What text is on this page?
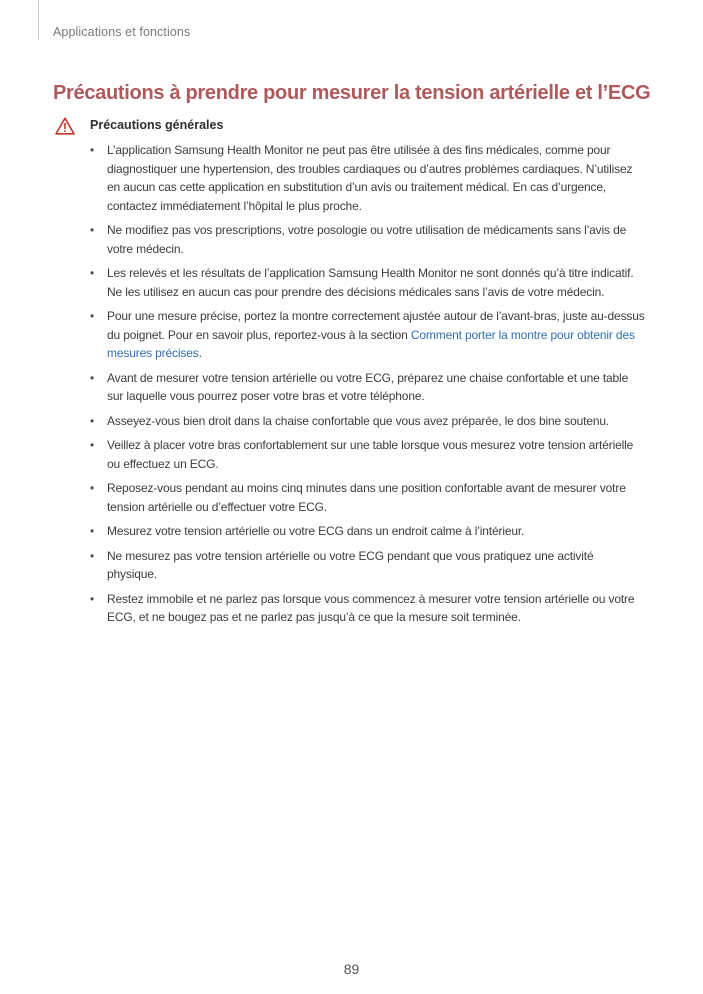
Applications et fonctions
Précautions à prendre pour mesurer la tension artérielle et l’ECG
Précautions générales
• L’application Samsung Health Monitor ne peut pas être utilisée à des fins médicales, comme pour diagnostiquer une hypertension, des troubles cardiaques ou d’autres problèmes cardiaques. N’utilisez en aucun cas cette application en substitution d’un avis ou traitement médical. En cas d’urgence, contactez immédiatement l’hôpital le plus proche.
• Ne modifiez pas vos prescriptions, votre posologie ou votre utilisation de médicaments sans l’avis de votre médecin.
• Les relevés et les résultats de l’application Samsung Health Monitor ne sont donnés qu’à titre indicatif. Ne les utilisez en aucun cas pour prendre des décisions médicales sans l’avis de votre médecin.
• Pour une mesure précise, portez la montre correctement ajustée autour de l’avant-bras, juste au-dessus du poignet. Pour en savoir plus, reportez-vous à la section Comment porter la montre pour obtenir des mesures précises.
• Avant de mesurer votre tension artérielle ou votre ECG, préparez une chaise confortable et une table sur laquelle vous pourrez poser votre bras et votre téléphone.
• Asseyez-vous bien droit dans la chaise confortable que vous avez préparée, le dos bine soutenu.
• Veillez à placer votre bras confortablement sur une table lorsque vous mesurez votre tension artérielle ou effectuez un ECG.
• Reposez-vous pendant au moins cinq minutes dans une position confortable avant de mesurer votre tension artérielle ou d’effectuer votre ECG.
• Mesurez votre tension artérielle ou votre ECG dans un endroit calme à l’intérieur.
• Ne mesurez pas votre tension artérielle ou votre ECG pendant que vous pratiquez une activité physique.
• Restez immobile et ne parlez pas lorsque vous commencez à mesurer votre tension artérielle ou votre ECG, et ne bougez pas et ne parlez pas jusqu’à ce que la mesure soit terminée.
89
